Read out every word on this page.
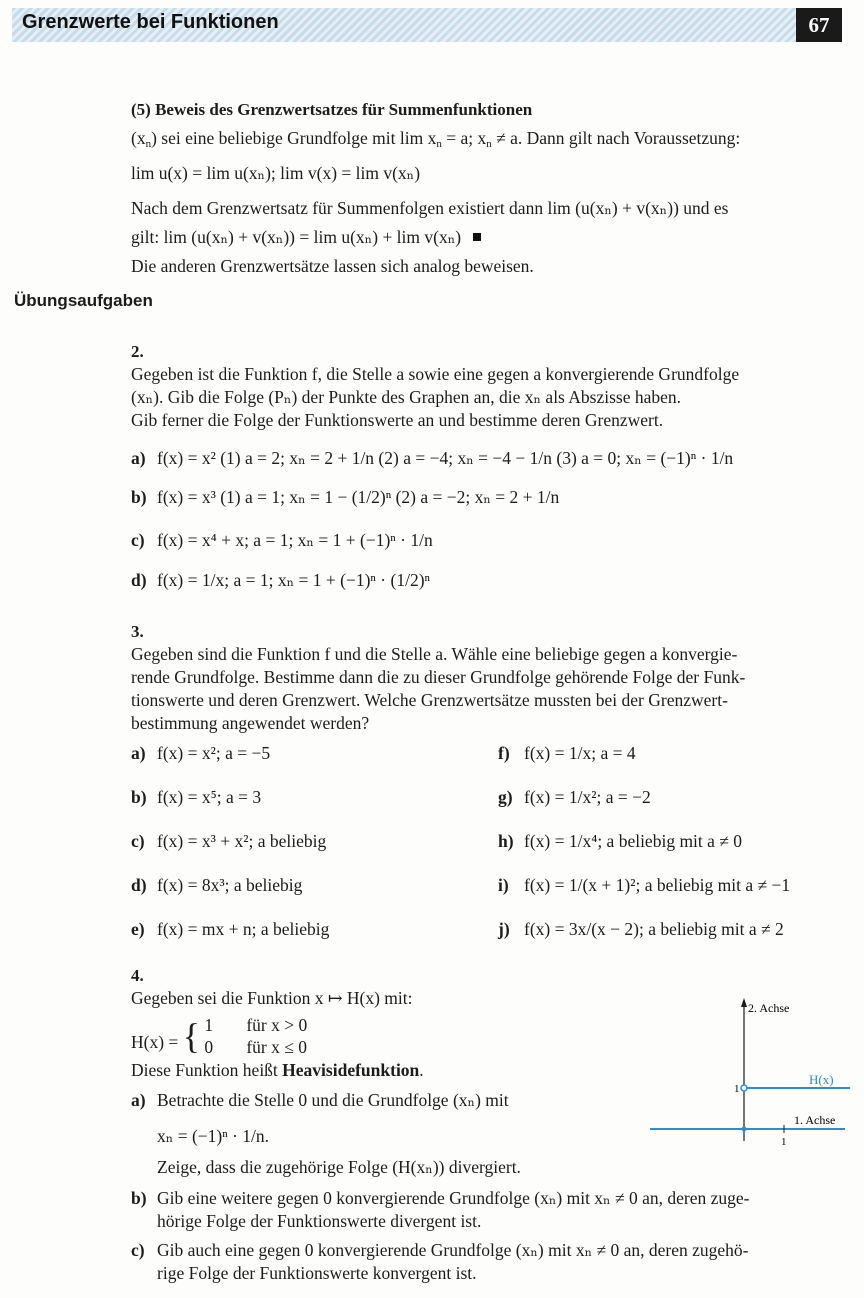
Grenzwerte bei Funktionen	67
(5) Beweis des Grenzwertsatzes für Summenfunktionen
$(x_n)$ sei eine beliebige Grundfolge mit $\lim x_n = a$; $x_n \ne a$. Dann gilt nach Voraussetzung:
lim u(x) = lim u(xₙ); lim v(x) = lim v(xₙ)
Nach dem Grenzwertsatz für Summenfolgen existiert dann lim (u(xₙ) + v(xₙ)) und es
gilt: lim (u(xₙ) + v(xₙ)) = lim u(xₙ) + lim v(xₙ)
Die anderen Grenzwertsätze lassen sich analog beweisen.
Übungsaufgaben
2.
Gegeben ist die Funktion f, die Stelle a sowie eine gegen a konvergierende Grundfolge
(xₙ). Gib die Folge (Pₙ) der Punkte des Graphen an, die xₙ als Abszisse haben.
Gib ferner die Folge der Funktionswerte an und bestimme deren Grenzwert.
a) f(x) = x² (1) a = 2; xₙ = 2 + 1/n (2) a = −4; xₙ = −4 − 1/n (3) a = 0; xₙ = (−1)ⁿ · 1/n
b) f(x) = x³ (1) a = 1; xₙ = 1 − (1/2)ⁿ (2) a = −2; xₙ = 2 + 1/n
c) f(x) = x⁴ + x; a = 1; xₙ = 1 + (−1)ⁿ · 1/n
d) f(x) = 1/x; a = 1; xₙ = 1 + (−1)ⁿ · (1/2)ⁿ
3.
Gegeben sind die Funktion f und die Stelle a. Wähle eine beliebige gegen a konvergie-
rende Grundfolge. Bestimme dann die zu dieser Grundfolge gehörende Folge der Funk-
tionswerte und deren Grenzwert. Welche Grenzwertsätze mussten bei der Grenzwert-
bestimmung angewendet werden?
a) f(x) = x²; a = −5
b) f(x) = x⁵; a = 3
c) f(x) = x³ + x²; a beliebig
d) f(x) = 8x³; a beliebig
e) f(x) = mx + n; a beliebig
f) f(x) = 1/x; a = 4
g) f(x) = 1/x²; a = −2
h) f(x) = 1/x⁴; a beliebig mit a ≠ 0
i) f(x) = 1/(x + 1)²; a beliebig mit a ≠ −1
j) f(x) = 3x/(x − 2); a beliebig mit a ≠ 2
4.
Gegeben sei die Funktion x ↦ H(x) mit:
H(x) = { 1 für x > 0
0 für x ≤ 0
Diese Funktion heißt Heavisidefunktion.
a) Betrachte die Stelle 0 und die Grundfolge (xₙ) mit
xₙ = (−1)ⁿ · 1/n.
Zeige, dass die zugehörige Folge (H(xₙ)) divergiert.
b) Gib eine weitere gegen 0 konvergierende Grundfolge (xₙ) mit xₙ ≠ 0 an, deren zuge-
hörige Folge der Funktionswerte divergent ist.
c) Gib auch eine gegen 0 konvergierende Grundfolge (xₙ) mit xₙ ≠ 0 an, deren zugehö-
rige Folge der Funktionswerte konvergent ist.
2. Achse
1. Achse
H(x)
1
1
